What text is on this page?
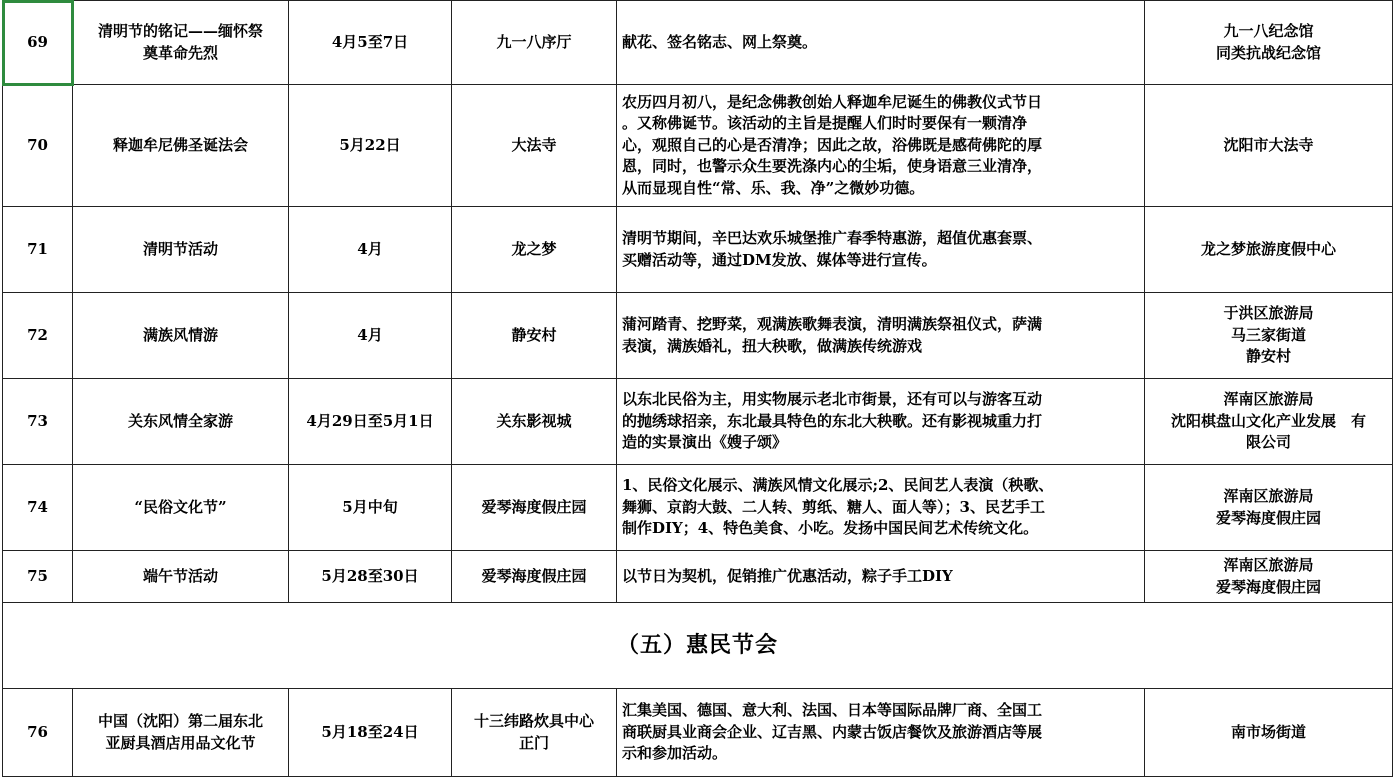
69	清明节的铭记——缅怀祭
奠革命先烈	4月5至7日	九一八序厅	献花、签名铭志、网上祭奠。	九一八纪念馆
同类抗战纪念馆

70	释迦牟尼佛圣诞法会	5月22日	大法寺	农历四月初八，是纪念佛教创始人释迦牟尼诞生的佛教仪式节日
。又称佛诞节。该活动的主旨是提醒人们时时要保有一颗清净
心，观照自己的心是否清净；因此之故，浴佛既是感荷佛陀的厚
恩，同时，也警示众生要洗涤内心的尘垢，使身语意三业清净，
从而显现自性“常、乐、我、净”之微妙功德。	沈阳市大法寺

71	清明节活动	4月	龙之梦	清明节期间，辛巴达欢乐城堡推广春季特惠游，超值优惠套票、
买赠活动等，通过DM发放、媒体等进行宣传。	龙之梦旅游度假中心

72	满族风情游	4月	静安村	蒲河踏青、挖野菜，观满族歌舞表演，清明满族祭祖仪式，萨满
表演，满族婚礼，扭大秧歌，做满族传统游戏	于洪区旅游局
马三家街道
静安村

73	关东风情全家游	4月29日至5月1日	关东影视城	以东北民俗为主，用实物展示老北市街景，还有可以与游客互动
的抛绣球招亲，东北最具特色的东北大秧歌。还有影视城重力打
造的实景演出《嫂子颂》	浑南区旅游局
沈阳棋盘山文化产业发展　有
限公司

74	“民俗文化节”	5月中旬	爱琴海度假庄园	1、民俗文化展示、满族风情文化展示;2、民间艺人表演（秧歌、
舞狮、京韵大鼓、二人转、剪纸、糖人、面人等）；3、民艺手工
制作DIY；4、特色美食、小吃。发扬中国民间艺术传统文化。	浑南区旅游局
爱琴海度假庄园

75	端午节活动	5月28至30日	爱琴海度假庄园	以节日为契机，促销推广优惠活动，粽子手工DIY	浑南区旅游局
爱琴海度假庄园

（五）惠民节会					

76	中国（沈阳）第二届东北
亚厨具酒店用品文化节	5月18至24日	十三纬路炊具中心
正门	汇集美国、德国、意大利、法国、日本等国际品牌厂商、全国工
商联厨具业商会企业、辽吉黑、内蒙古饭店餐饮及旅游酒店等展
示和参加活动。	南市场街道
